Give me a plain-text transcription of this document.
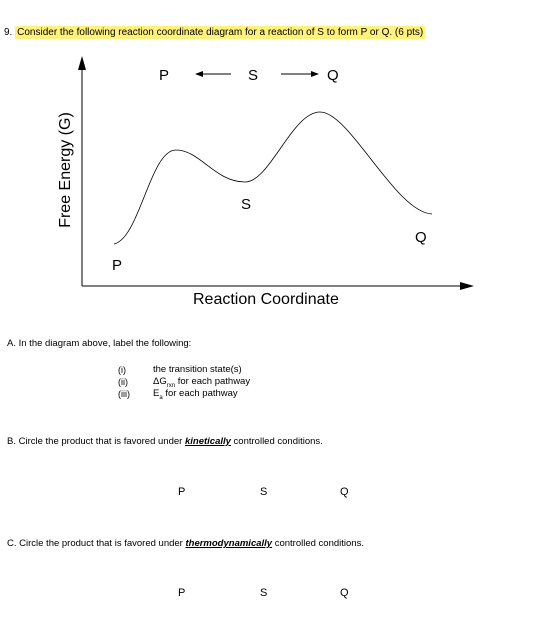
9. Consider the following reaction coordinate diagram for a reaction of S to form P or Q. (6 pts)
P	S	Q
P
S
Q
Free Energy (G)
Reaction Coordinate
A. In the diagram above, label the following:
(i)	the transition state(s)
(ii)	$\Delta G_{rxn}$ for each pathway
(iii) $E_a$ for each pathway
B. Circle the product that is favored under kinetically controlled conditions.
P	S	Q
C. Circle the product that is favored under thermodynamically controlled conditions.
P	S	Q
